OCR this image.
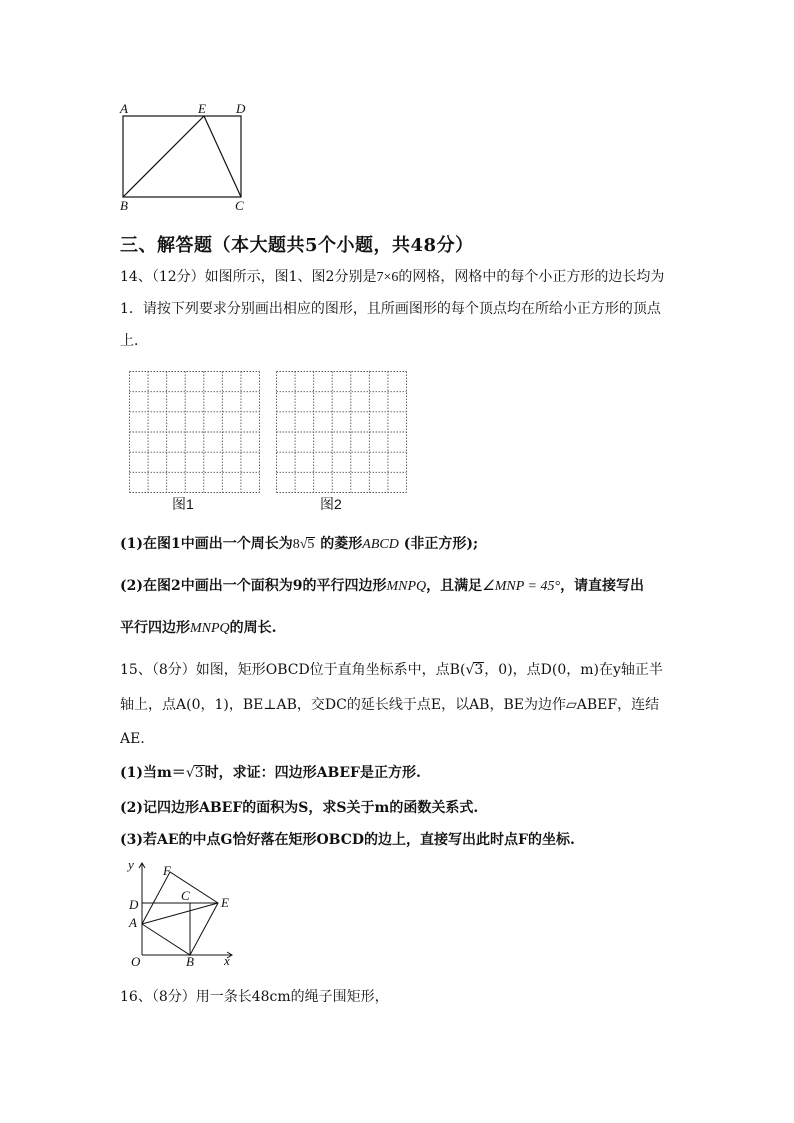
A	E D
B	C
三、解答题（本大题共5个小题，共48分）
14、（12分）如图所示，图1、图2分别是7×6的网格，网格中的每个小正方形的边长均为
1．请按下列要求分别画出相应的图形，且所画图形的每个顶点均在所给小正方形的顶点
上．
图1	图2
(1)在图1中画出一个周长为8√5 的菱形ABCD (非正方形);
(2)在图2中画出一个面积为9的平行四边形MNPQ，且满足∠MNP = 45°，请直接写出
平行四边形MNPQ的周长.
15、（8分）如图，矩形OBCD位于直角坐标系中，点B(√3，0)，点D(0，m)在y轴正半
轴上，点A(0，1)，BE⊥AB，交DC的延长线于点E，以AB，BE为边作▱ABEF，连结
AE．
(1)当m＝√3时，求证：四边形ABEF是正方形.
(2)记四边形ABEF的面积为S，求S关于m的函数关系式.
(3)若AE的中点G恰好落在矩形OBCD的边上，直接写出此时点F的坐标.
y F
C
D	E
A
O	B x
16、（8分）用一条长48cm的绳子围矩形，
